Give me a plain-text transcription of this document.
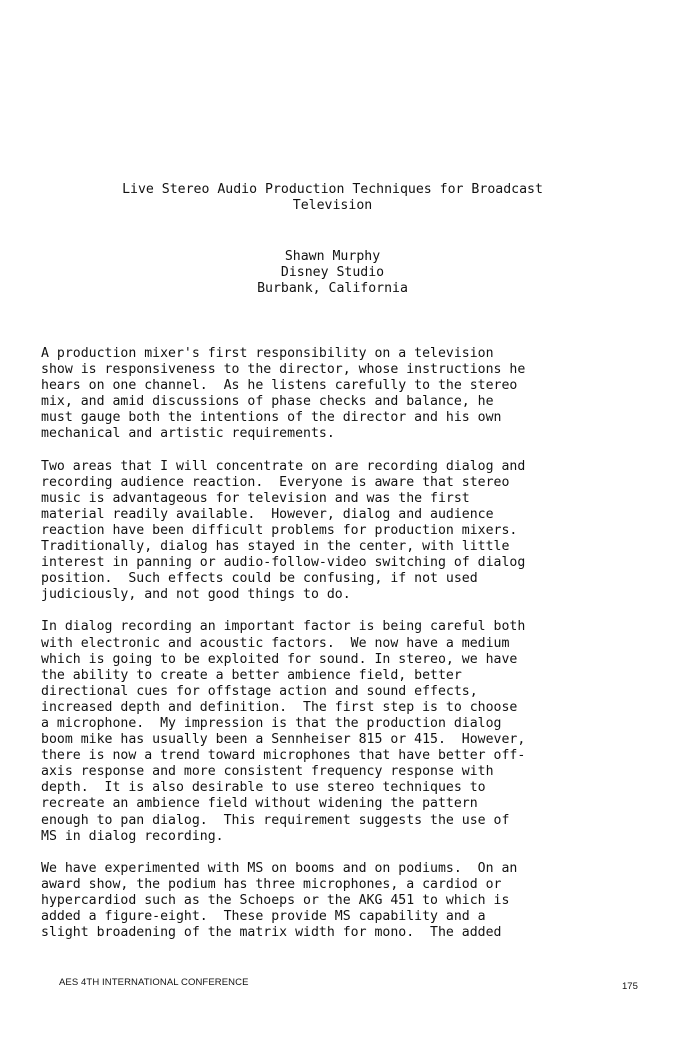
Live Stereo Audio Production Techniques for Broadcast
Television
Shawn Murphy
Disney Studio
Burbank, California
A production mixer's first responsibility on a television
show is responsiveness to the director, whose instructions he
hears on one channel.  As he listens carefully to the stereo
mix, and amid discussions of phase checks and balance, he
must gauge both the intentions of the director and his own
mechanical and artistic requirements.
Two areas that I will concentrate on are recording dialog and
recording audience reaction.  Everyone is aware that stereo
music is advantageous for television and was the first
material readily available.  However, dialog and audience
reaction have been difficult problems for production mixers.
Traditionally, dialog has stayed in the center, with little
interest in panning or audio-follow-video switching of dialog
position.  Such effects could be confusing, if not used
judiciously, and not good things to do.
In dialog recording an important factor is being careful both
with electronic and acoustic factors.  We now have a medium
which is going to be exploited for sound. In stereo, we have
the ability to create a better ambience field, better
directional cues for offstage action and sound effects,
increased depth and definition.  The first step is to choose
a microphone.  My impression is that the production dialog
boom mike has usually been a Sennheiser 815 or 415.  However,
there is now a trend toward microphones that have better off-
axis response and more consistent frequency response with
depth.  It is also desirable to use stereo techniques to
recreate an ambience field without widening the pattern
enough to pan dialog.  This requirement suggests the use of
MS in dialog recording.
We have experimented with MS on booms and on podiums.  On an
award show, the podium has three microphones, a cardiod or
hypercardiod such as the Schoeps or the AKG 451 to which is
added a figure-eight.  These provide MS capability and a
slight broadening of the matrix width for mono.  The added
AES 4TH INTERNATIONAL CONFERENCE	175
